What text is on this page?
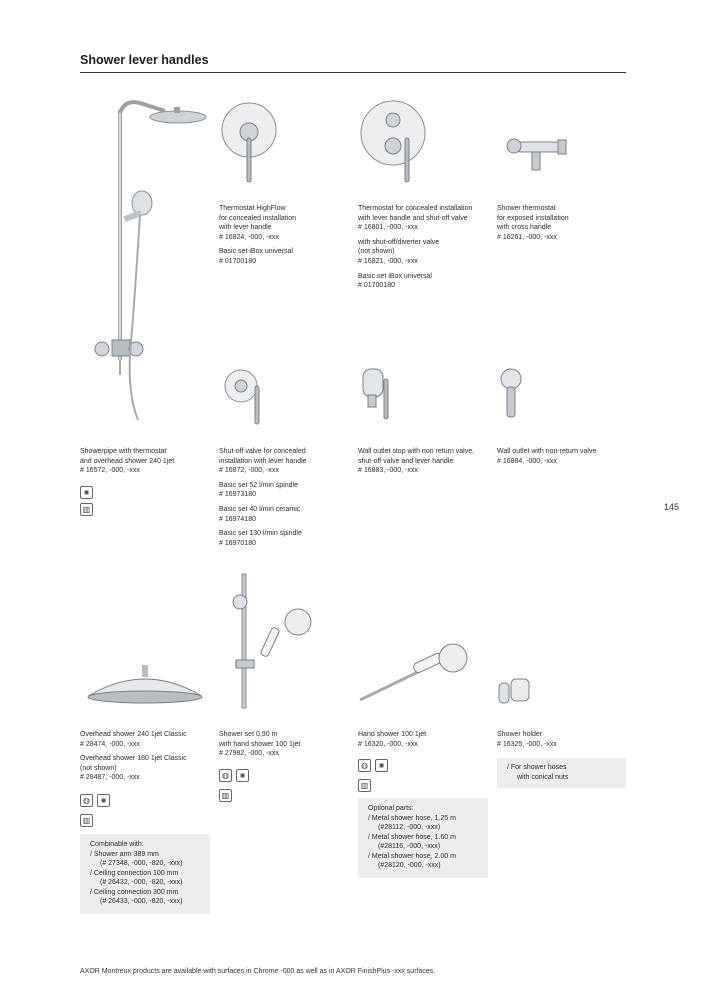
Shower lever handles
145
AXOR Montreux products are available with surfaces in Chrome -000 as well as in AXOR FinishPlus -xxx surfaces.
Showerpipe with thermostat
and overhead shower 240 1jet
# 16572, -000, -xxx
✺
▥
Thermostat HighFlow
for concealed installation
with lever handle
# 16824, -000, -xxx
Basic set iBox universal
# 01700180
Thermostat for concealed installation
with lever handle and shut-off valve
# 16801, -000, -xxx
with shut-off/diverter valve
(not shown)
# 16821, -000, -xxx
Basic set iBox universal
# 01700180
Shower thermostat
for exposed installation
with cross handle
# 16261, -000, -xxx
Shut-off valve for concealed
installation with lever handle
# 16872, -000, -xxx
Basic set 52 l/min spindle
# 16973180
Basic set 40 l/min ceramic
# 16974180
Basic set 130 l/min spindle
# 16970180
Wall outlet stop with non return valve,
shut-off valve and lever handle
# 16883, -000, -xxx
Wall outlet with non-return valve
# 16884, -000, -xxx
Overhead shower 240 1jet Classic
# 28474, -000, -xxx
Overhead shower 180 1jet Classic
(not shown)
# 28487, -000, -xxx
◍	✺
▥
Shower set 0.90 m
with hand shower 100 1jet
# 27982, -000, -xxx
◍	✺
▥
Hand shower 100 1jet
# 16320, -000, -xxx
◍	✺
▥
Shower holder
# 16325, -000, -xxx
Combinable with:
/ Shower arm 389 mm
(# 27348, -000, -820, -xxx)
/ Ceiling connection 100 mm
(# 26432, -000, -820, -xxx)
/ Ceiling connection 300 mm
(# 26433, -000, -820, -xxx)
Optional parts:
/ Metal shower hose, 1.25 m
(#28112, -000, -xxx)
/ Metal shower hose, 1.60 m
(#28116, -000, -xxx)
/ Metal shower hose, 2.00 m
(#28120, -000, -xxx)
/ For shower hoses
with conical nuts
